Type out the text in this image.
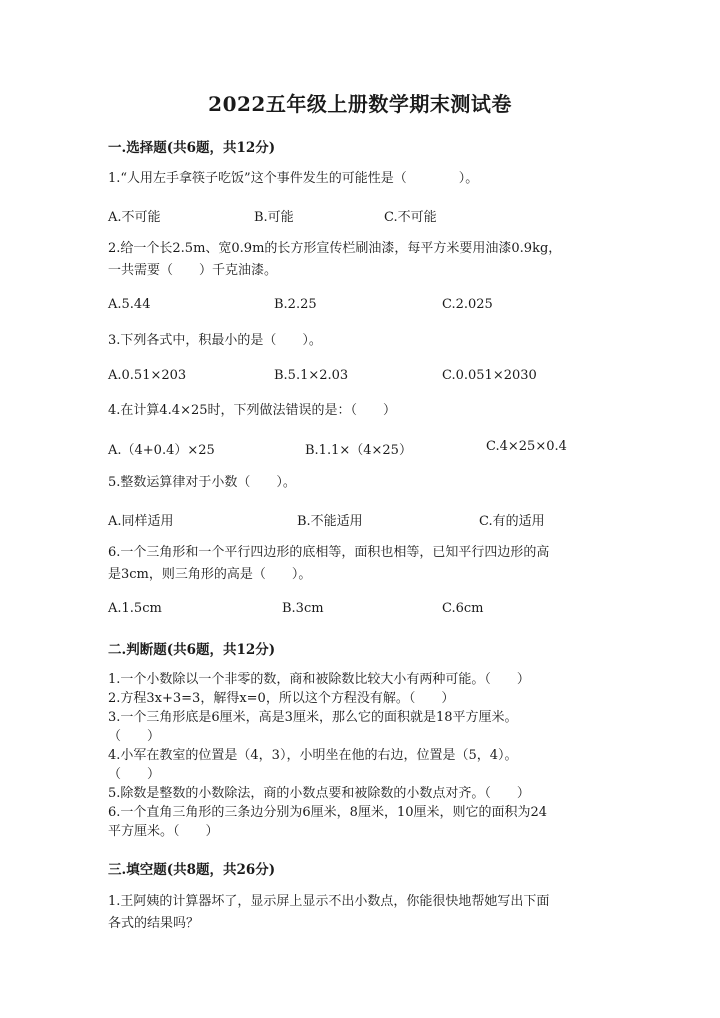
2022五年级上册数学期末测试卷
一.选择题(共6题，共12分)
1.“人用左手拿筷子吃饭”这个事件发生的可能性是（　　　　）。
A.不可能	B.可能	C.不可能
2.给一个长2.5m、宽0.9m的长方形宣传栏刷油漆，每平方米要用油漆0.9kg，
一共需要（　　）千克油漆。
A.5.44	B.2.25	C.2.025
3.下列各式中，积最小的是（　　）。
A.0.51×203	B.5.1×2.03	C.0.051×2030
4.在计算4.4×25时，下列做法错误的是：（　　）
A.（4+0.4）×25	B.1.1×（4×25）	C.4×25×0.4
5.整数运算律对于小数（　　）。
A.同样适用	B.不能适用	C.有的适用
6.一个三角形和一个平行四边形的底相等，面积也相等，已知平行四边形的高
是3cm，则三角形的高是（　　）。
A.1.5cm	B.3cm	C.6cm
二.判断题(共6题，共12分)
1.一个小数除以一个非零的数，商和被除数比较大小有两种可能。（　　）
2.方程3x+3=3，解得x=0，所以这个方程没有解。（　　）
3.一个三角形底是6厘米，高是3厘米，那么它的面积就是18平方厘米。
（　　）
4.小军在教室的位置是（4，3），小明坐在他的右边，位置是（5，4）。
（　　）
5.除数是整数的小数除法，商的小数点要和被除数的小数点对齐。（　　）
6.一个直角三角形的三条边分别为6厘米，8厘米，10厘米，则它的面积为24
平方厘米。（　　）
三.填空题(共8题，共26分)
1.王阿姨的计算器坏了，显示屏上显示不出小数点，你能很快地帮她写出下面
各式的结果吗？
